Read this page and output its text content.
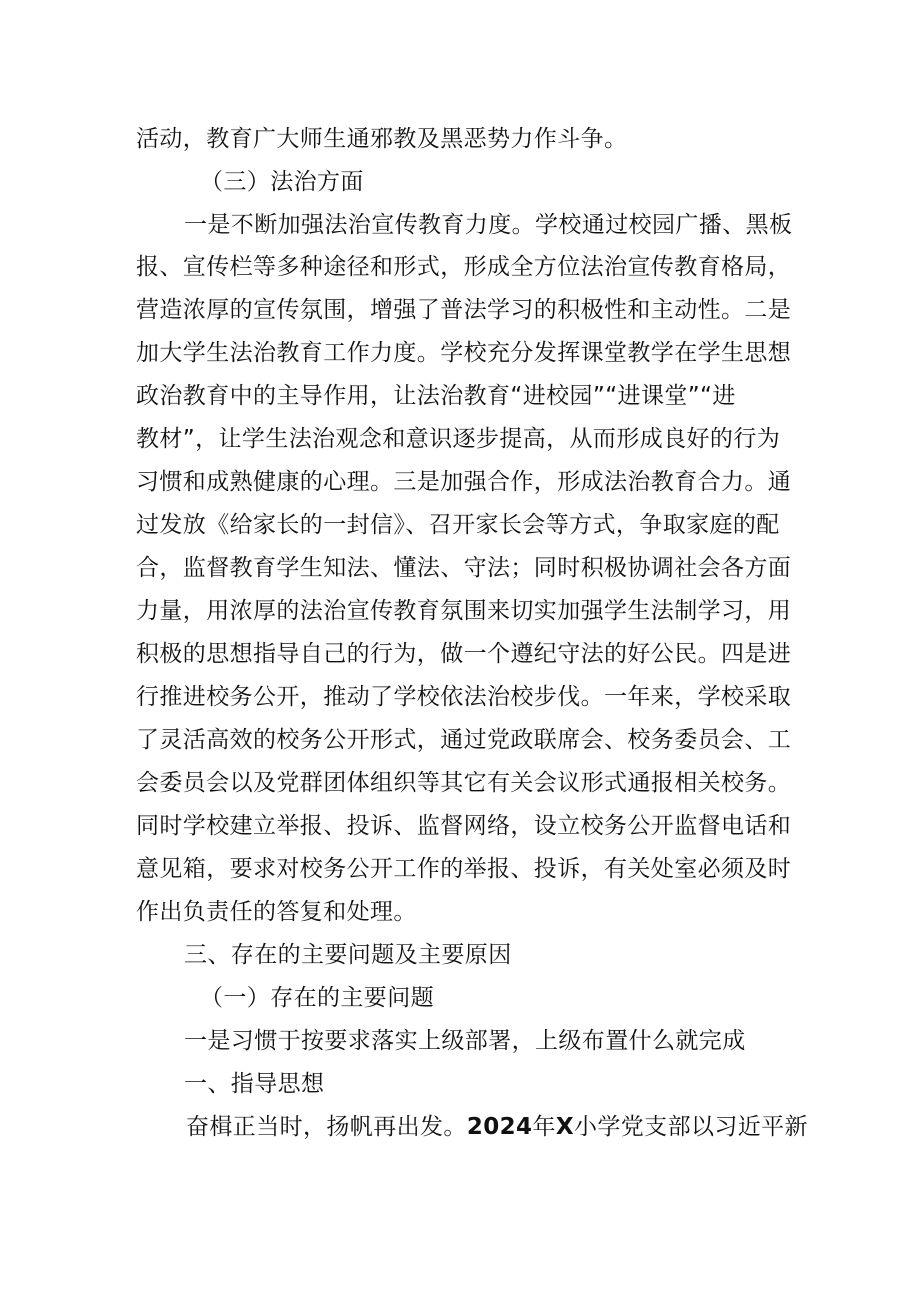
活动，教育广大师生通邪教及黑恶势力作斗争。
（三）法治方面
一是不断加强法治宣传教育力度。学校通过校园广播、黑板
报、宣传栏等多种途径和形式，形成全方位法治宣传教育格局，
营造浓厚的宣传氛围，增强了普法学习的积极性和主动性。二是
加大学生法治教育工作力度。学校充分发挥课堂教学在学生思想
政治教育中的主导作用，让法治教育“进校园”“进课堂”“进
教材”，让学生法治观念和意识逐步提高，从而形成良好的行为
习惯和成熟健康的心理。三是加强合作，形成法治教育合力。通
过发放《给家长的一封信》、召开家长会等方式，争取家庭的配
合，监督教育学生知法、懂法、守法；同时积极协调社会各方面
力量，用浓厚的法治宣传教育氛围来切实加强学生法制学习，用
积极的思想指导自己的行为，做一个遵纪守法的好公民。四是进
行推进校务公开，推动了学校依法治校步伐。一年来，学校采取
了灵活高效的校务公开形式，通过党政联席会、校务委员会、工
会委员会以及党群团体组织等其它有关会议形式通报相关校务。
同时学校建立举报、投诉、监督网络，设立校务公开监督电话和
意见箱，要求对校务公开工作的举报、投诉，有关处室必须及时
作出负责任的答复和处理。
三、存在的主要问题及主要原因
（一）存在的主要问题
一是习惯于按要求落实上级部署，上级布置什么就完成
一、指导思想
奋楫正当时，扬帆再出发。2024年X小学党支部以习近平新
